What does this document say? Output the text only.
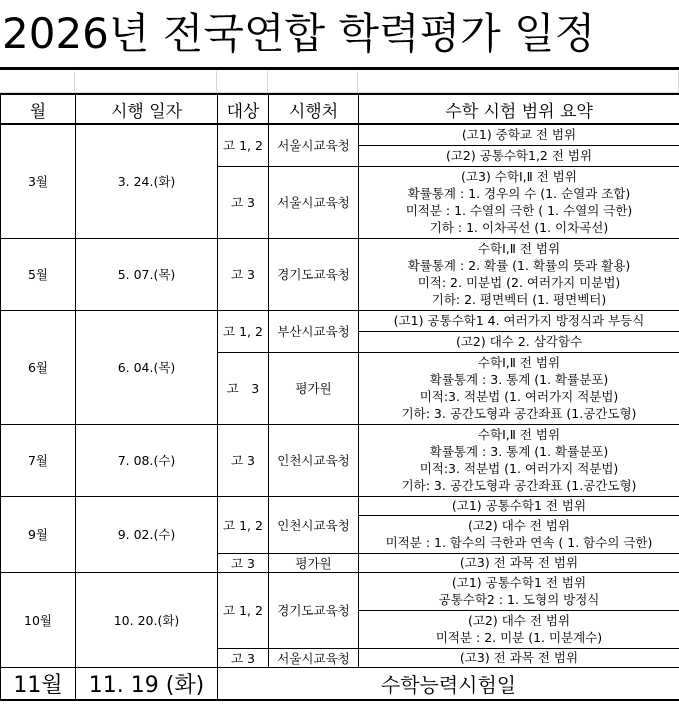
2026년 전국연합 학력평가 일정
월	시행 일자	대상	시행처	수학 시험 범위 요약
3월	3. 24.(화)	고 1, 2	서울시교육청	(고1) 중학교 전 범위

				(고2) 공통수학1,2 전 범위

		고 3	서울시교육청	(고3) 수학Ⅰ,Ⅱ 전 범위
확률통계 : 1. 경우의 수 (1. 순열과 조합)
미적분 : 1. 수열의 극한 ( 1. 수열의 극한)
기하 : 1. 이차곡선 (1. 이차곡선)

5월	5. 07.(목)	고 3	경기도교육청	수학Ⅰ,Ⅱ 전 범위
확률통계 : 2. 확률 (1. 확률의 뜻과 활용)
미적: 2. 미분법 (2. 여러가지 미분법)
기하: 2. 평면벡터 (1. 평면벡터)

6월	6. 04.(목)	고 1, 2	부산시교육청	(고1) 공통수학1 4. 여러가지 방정식과 부등식

				(고2) 대수 2. 삼각함수

		고　3	평가원	수학Ⅰ,Ⅱ 전 범위
확률통계 : 3. 통계 (1. 확률분포)
미적:3. 적분법 (1. 여러가지 적분법)
기하: 3. 공간도형과 공간좌표 (1.공간도형)

7월	7. 08.(수)	고 3	인천시교육청	수학Ⅰ,Ⅱ 전 범위
확률통계 : 3. 통계 (1. 확률분포)
미적:3. 적분법 (1. 여러가지 적분법)
기하: 3. 공간도형과 공간좌표 (1.공간도형)

9월	9. 02.(수)	고 1, 2	인천시교육청	(고1) 공통수학1 전 범위

				(고2) 대수 전 범위
미적분 : 1. 함수의 극한과 연속 ( 1. 함수의 극한)

		고 3	평가원	(고3) 전 과목 전 범위

10월	10. 20.(화)	고 1, 2	경기도교육청	(고1) 공통수학1 전 범위
공통수학2 : 1. 도형의 방정식

				(고2) 대수 전 범위
미적분 : 2. 미분 (1. 미분계수)

		고 3	서울시교육청	(고3) 전 과목 전 범위

11월	11. 19 (화)	수학능력시험일		
